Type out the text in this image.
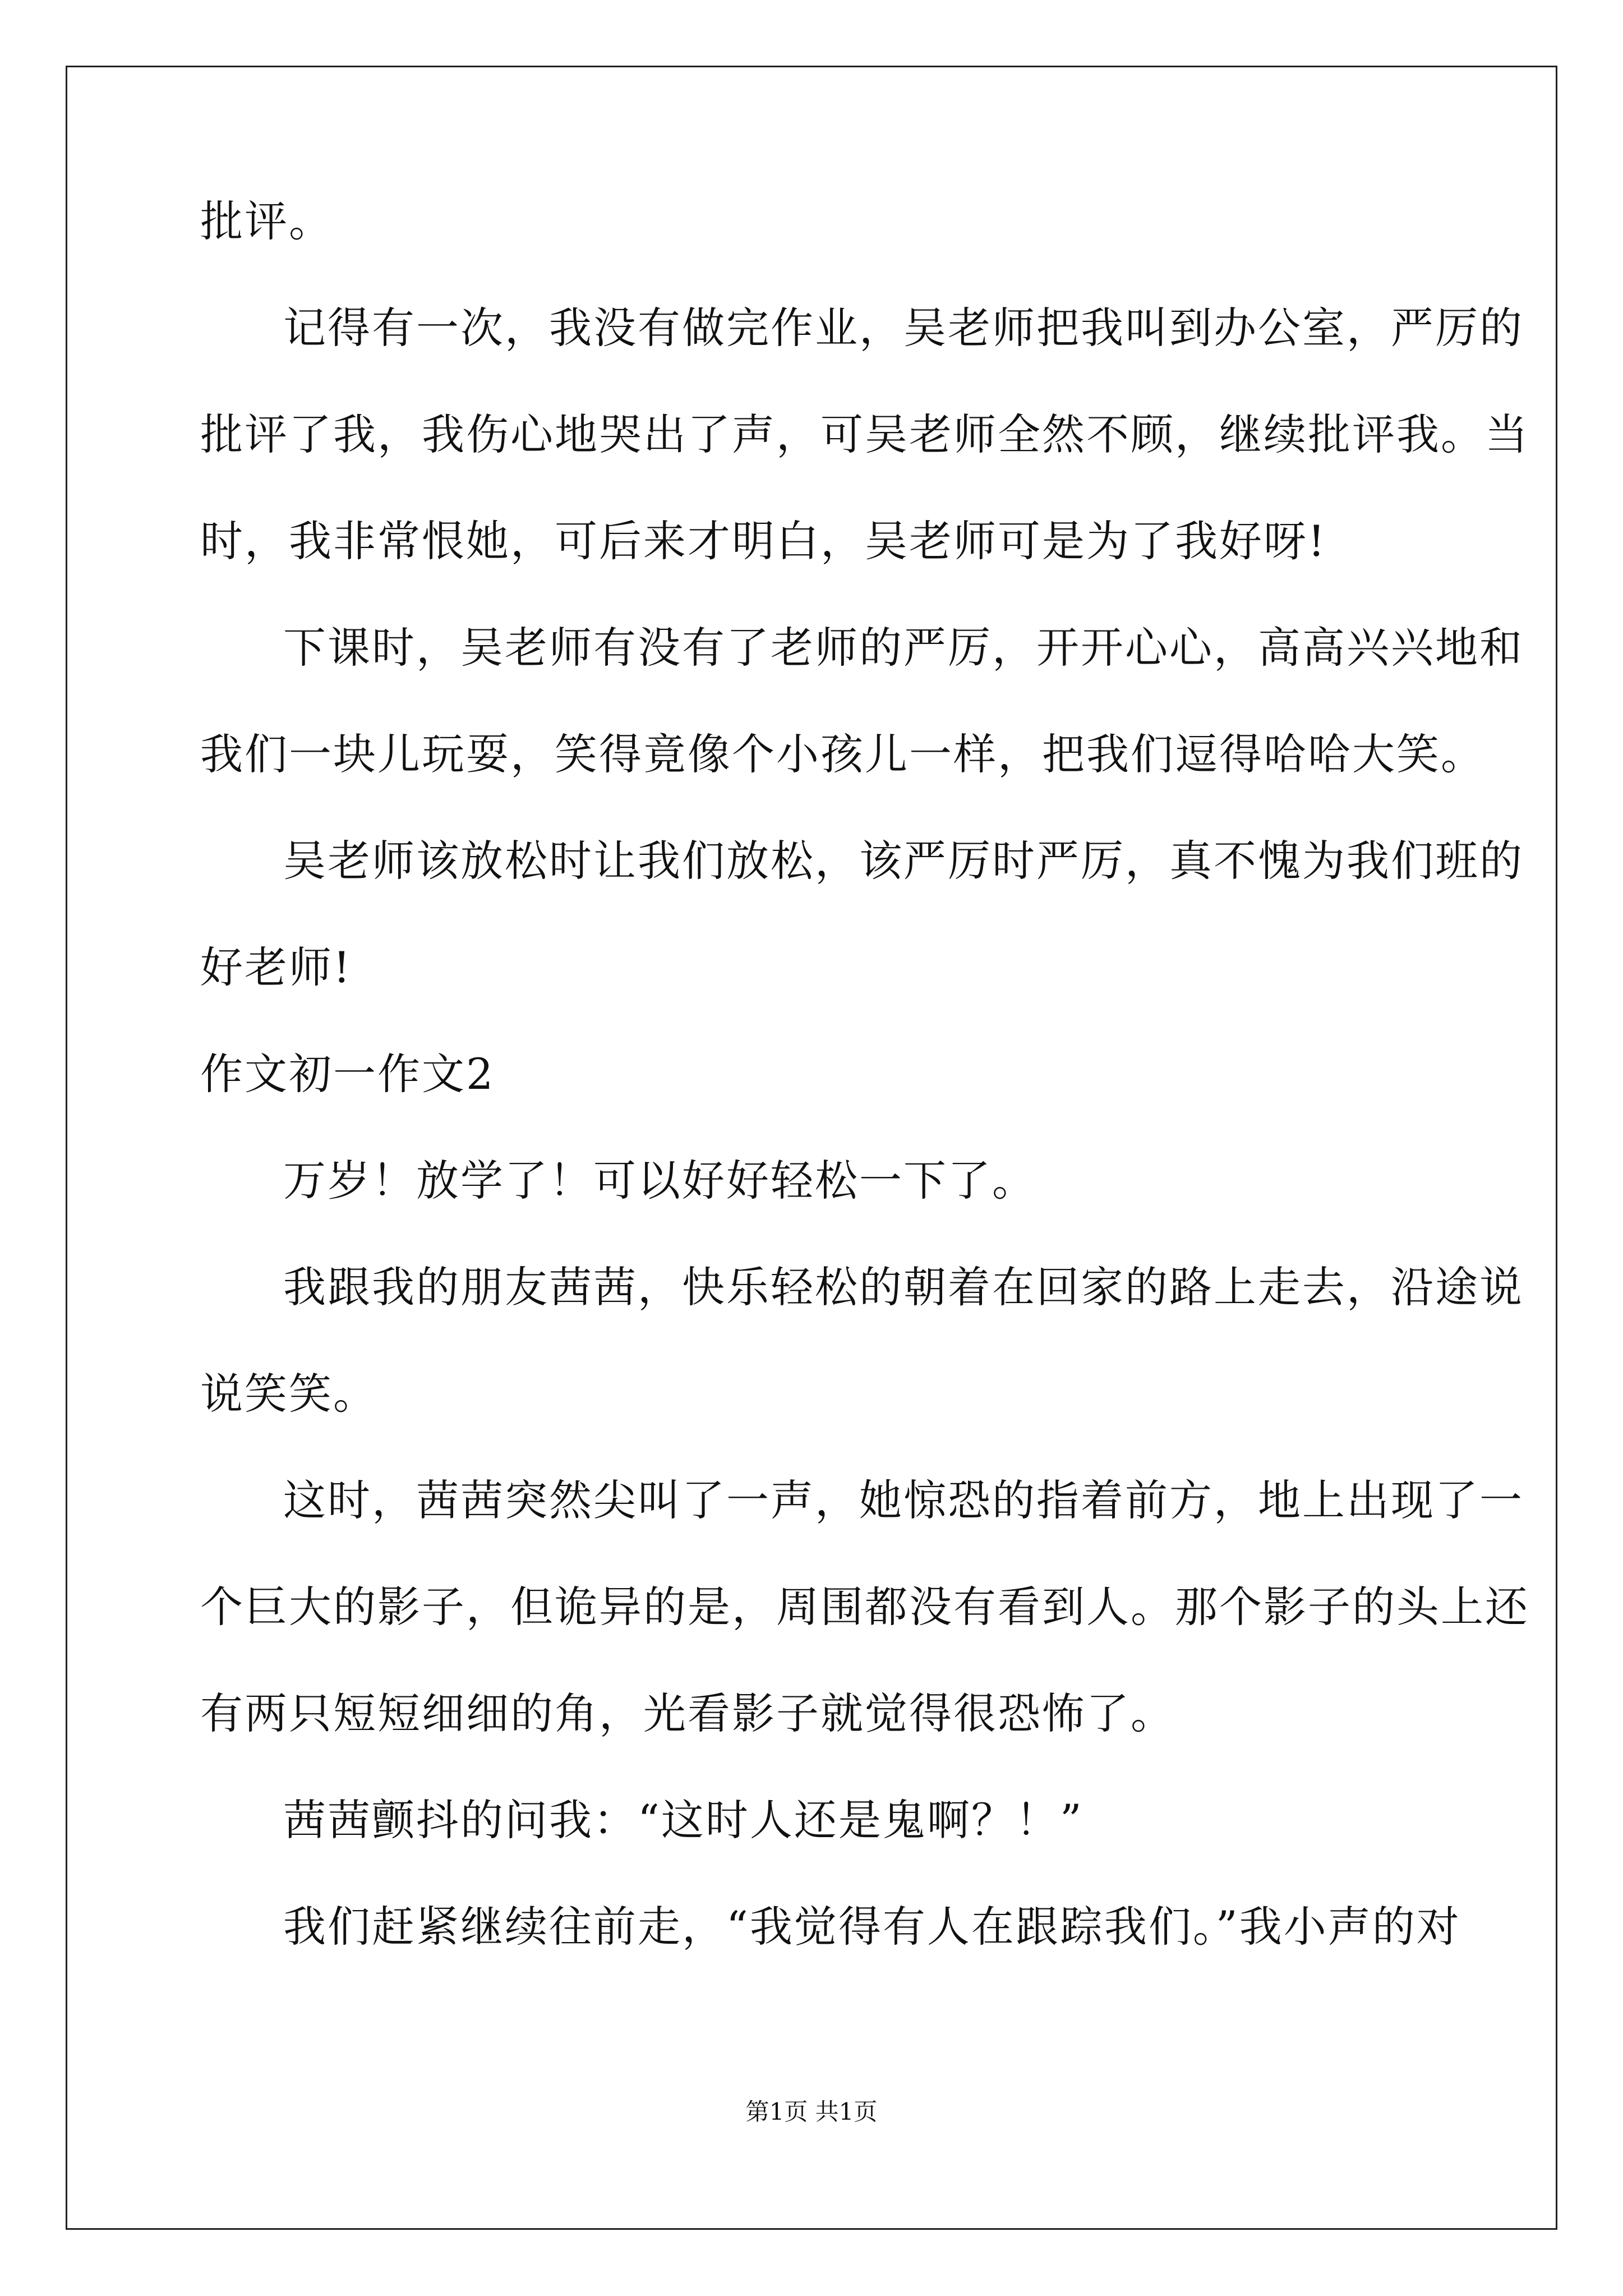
批评。
记得有一次，我没有做完作业，吴老师把我叫到办公室，严厉的
批评了我，我伤心地哭出了声，可吴老师全然不顾，继续批评我。当
时，我非常恨她，可后来才明白，吴老师可是为了我好呀!
下课时，吴老师有没有了老师的严厉，开开心心，高高兴兴地和
我们一块儿玩耍，笑得竟像个小孩儿一样，把我们逗得哈哈大笑。
吴老师该放松时让我们放松，该严厉时严厉，真不愧为我们班的
好老师!
作文初一作文2
万岁！放学了！可以好好轻松一下了。
我跟我的朋友茜茜，快乐轻松的朝着在回家的路上走去，沿途说
说笑笑。
这时，茜茜突然尖叫了一声，她惊恐的指着前方，地上出现了一
个巨大的影子，但诡异的是，周围都没有看到人。那个影子的头上还
有两只短短细细的角，光看影子就觉得很恐怖了。
茜茜颤抖的问我：“这时人还是鬼啊？！”
我们赶紧继续往前走，“我觉得有人在跟踪我们。”我小声的对
第1页 共1页
